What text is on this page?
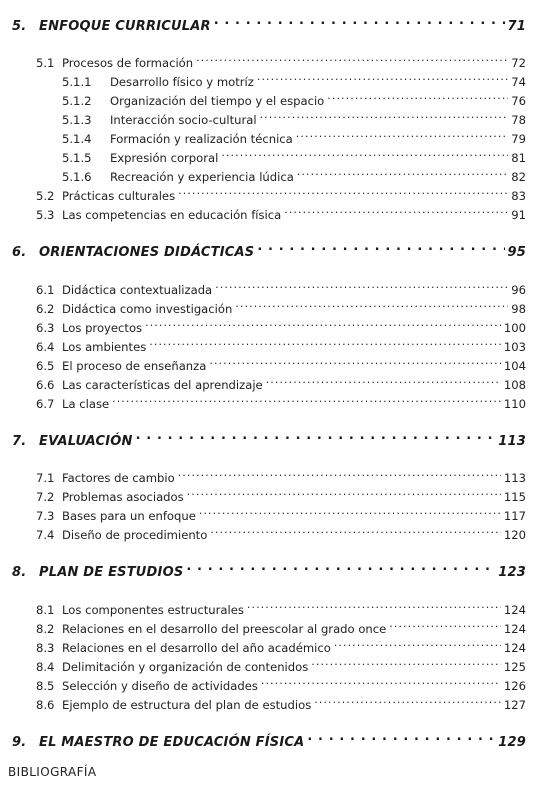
5. ENFOQUE CURRICULAR . . .	71
5.1 Procesos de formación . . .	72
5.1.1	Desarrollo físico y motríz . . .	74
5.1.2	Organización del tiempo y el espacio . . .	76
5.1.3	Interacción socio-cultural . . .	78
5.1.4	Formación y realización técnica . . .	79
5.1.5	Expresión corporal . . .	81
5.1.6	Recreación y experiencia lúdica . . .	82
5.2 Prácticas culturales . . .	83
5.3 Las competencias en educación física . . .	91
6. ORIENTACIONES DIDÁCTICAS . . .	95
6.1 Didáctica contextualizada . . .	96
6.2 Didáctica como investigación . . .	98
6.3 Los proyectos . . .	100
6.4 Los ambientes . . .	103
6.5 El proceso de enseñanza . . .	104
6.6 Las características del aprendizaje . . .	108
6.7 La clase . . .	110
7. EVALUACIÓN . . .	113
7.1 Factores de cambio . . .	113
7.2 Problemas asociados . . .	115
7.3 Bases para un enfoque . . .	117
7.4 Diseño de procedimiento . . .	120
8. PLAN DE ESTUDIOS . . .	123
8.1 Los componentes estructurales . . .	124
8.2 Relaciones en el desarrollo del preescolar al grado once . . .	124
8.3 Relaciones en el desarrollo del año académico . . .	124
8.4 Delimitación y organización de contenidos . . .	125
8.5 Selección y diseño de actividades . . .	126
8.6 Ejemplo de estructura del plan de estudios . . .	127
9. EL MAESTRO DE EDUCACIÓN FÍSICA . . .	129
BIBLIOGRAFÍA
